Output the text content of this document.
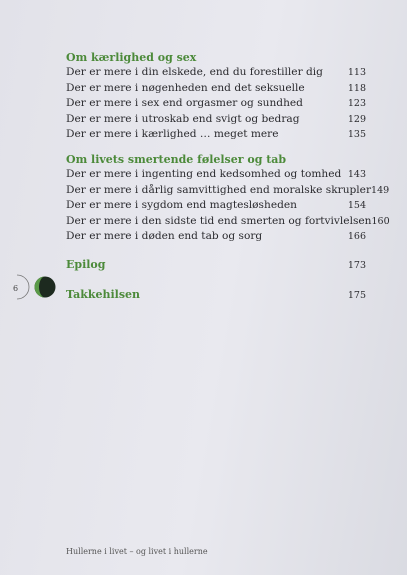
Om kærlighed og sex
Der er mere i din elskede, end du forestiller dig	113
Der er mere i nøgenheden end det seksuelle	118
Der er mere i sex end orgasmer og sundhed	123
Der er mere i utroskab end svigt og bedrag	129
Der er mere i kærlighed … meget mere	135
Om livets smertende følelser og tab
Der er mere i ingenting end kedsomhed og tomhed 143
Der er mere i dårlig samvittighed end moralske skrupler 149
Der er mere i sygdom end magtesløsheden	154
Der er mere i den sidste tid end smerten og fortvivlelsen 160
Der er mere i døden end tab og sorg	166
Epilog	173
Takkehilsen	175
6
Hullerne i livet – og livet i hullerne
